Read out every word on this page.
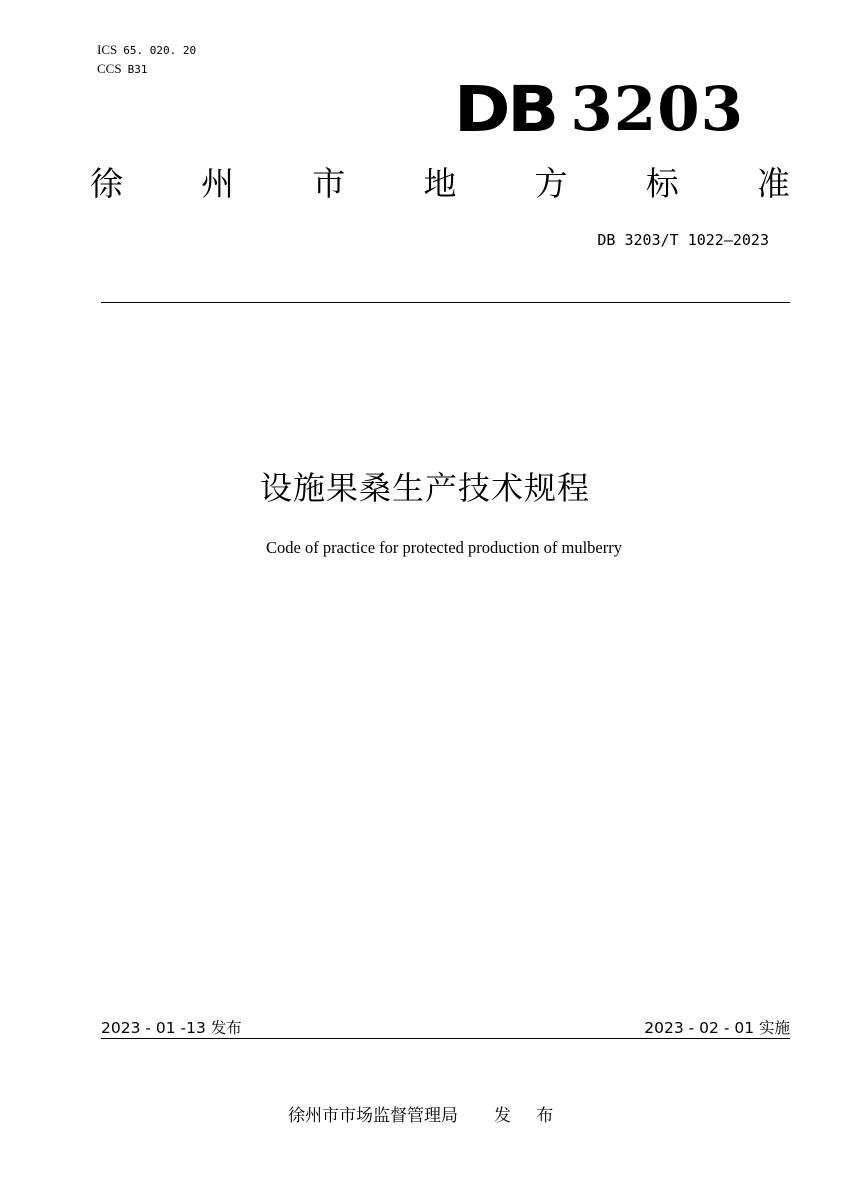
ICS 65. 020. 20
CCS B31
DB 3203
徐 州 市 地 方 标 准
DB 3203/T 1022—2023
设施果桑生产技术规程
Code of practice for protected production of mulberry
2023 - 01 -13 发布	2023 - 02 - 01 实施
徐州市市场监督管理局 发 布
